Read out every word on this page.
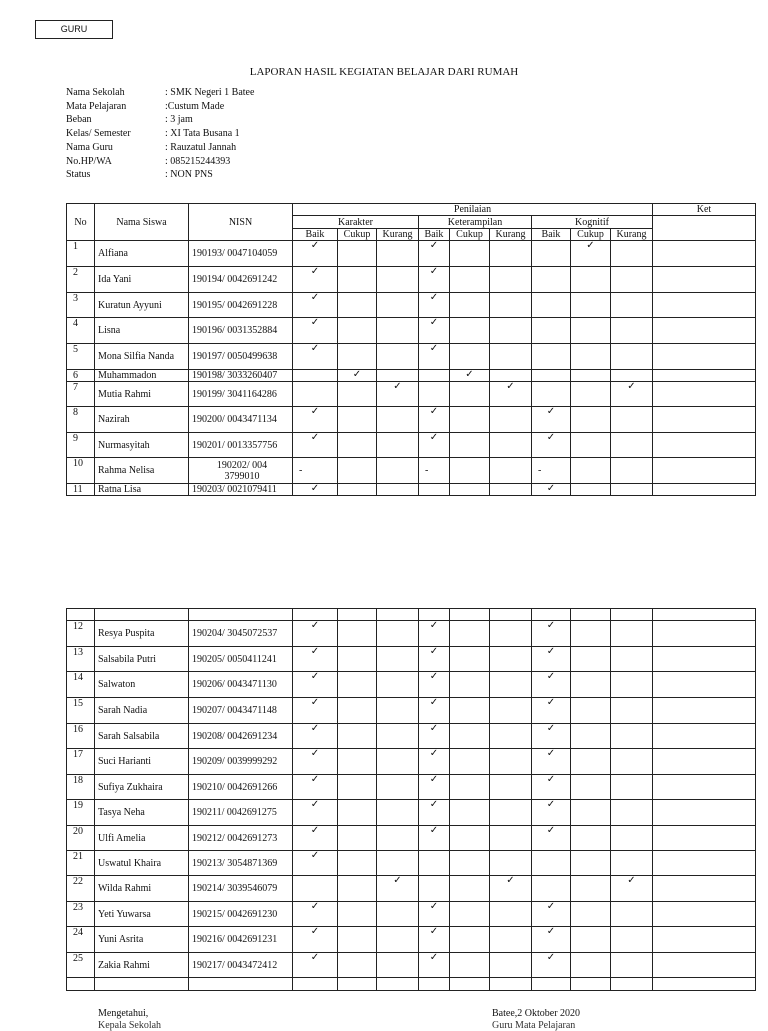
GURU
LAPORAN HASIL KEGIATAN BELAJAR DARI RUMAH
Nama Sekolah	: SMK Negeri 1 Batee
Mata Pelajaran	:Custum Made
Beban	: 3 jam
Kelas/ Semester	: XI Tata Busana 1
Nama Guru	: Rauzatul Jannah
No.HP/WA	: 085215244393
Status	: NON PNS
No	Nama Siswa	NISN	Penilaian									Ket
			Karakter			Keterampilan			Kognitif			
			Baik	Cukup	Kurang	Baik	Cukup	Kurang	Baik	Cukup	Kurang	
1	Alfiana	190193/ 0047104059	✓			✓				✓		
2	Ida Yani	190194/ 0042691242	✓			✓						
3	Kuratun Ayyuni	190195/ 0042691228	✓			✓						
4	Lisna	190196/ 0031352884	✓			✓						
5	Mona Silfia Nanda	190197/ 0050499638	✓			✓						
6	Muhammadon	190198/ 3033260407		✓			✓					
7	Mutia Rahmi	190199/ 3041164286			✓			✓			✓	
8	Nazirah	190200/ 0043471134	✓			✓			✓			
9	Nurmasyitah	190201/ 0013357756	✓			✓			✓			
10	Rahma Nelisa	190202/ 004
3799010	-			-			-			
11	Ratna Lisa	190203/ 0021079411	✓						✓			

12	Resya Puspita	190204/ 3045072537	✓			✓			✓			
13	Salsabila Putri	190205/ 0050411241	✓			✓			✓			
14	Salwaton	190206/ 0043471130	✓			✓			✓			
15	Sarah Nadia	190207/ 0043471148	✓			✓			✓			
16	Sarah Salsabila	190208/ 0042691234	✓			✓			✓			
17	Suci Harianti	190209/ 0039999292	✓			✓			✓			
18	Sufiya Zukhaira	190210/ 0042691266	✓			✓			✓			
19	Tasya Neha	190211/ 0042691275	✓			✓			✓			
20	Ulfi Amelia	190212/ 0042691273	✓			✓			✓			
21	Uswatul Khaira	190213/ 3054871369	✓									
22	Wilda Rahmi	190214/ 3039546079			✓			✓			✓	
23	Yeti Yuwarsa	190215/ 0042691230	✓			✓			✓			
24	Yuni Asrita	190216/ 0042691231	✓			✓			✓			
25	Zakia Rahmi	190217/ 0043472412	✓			✓			✓			

Mengetahui,	Batee,2 Oktober 2020
Kepala Sekolah	Guru Mata Pelajaran
